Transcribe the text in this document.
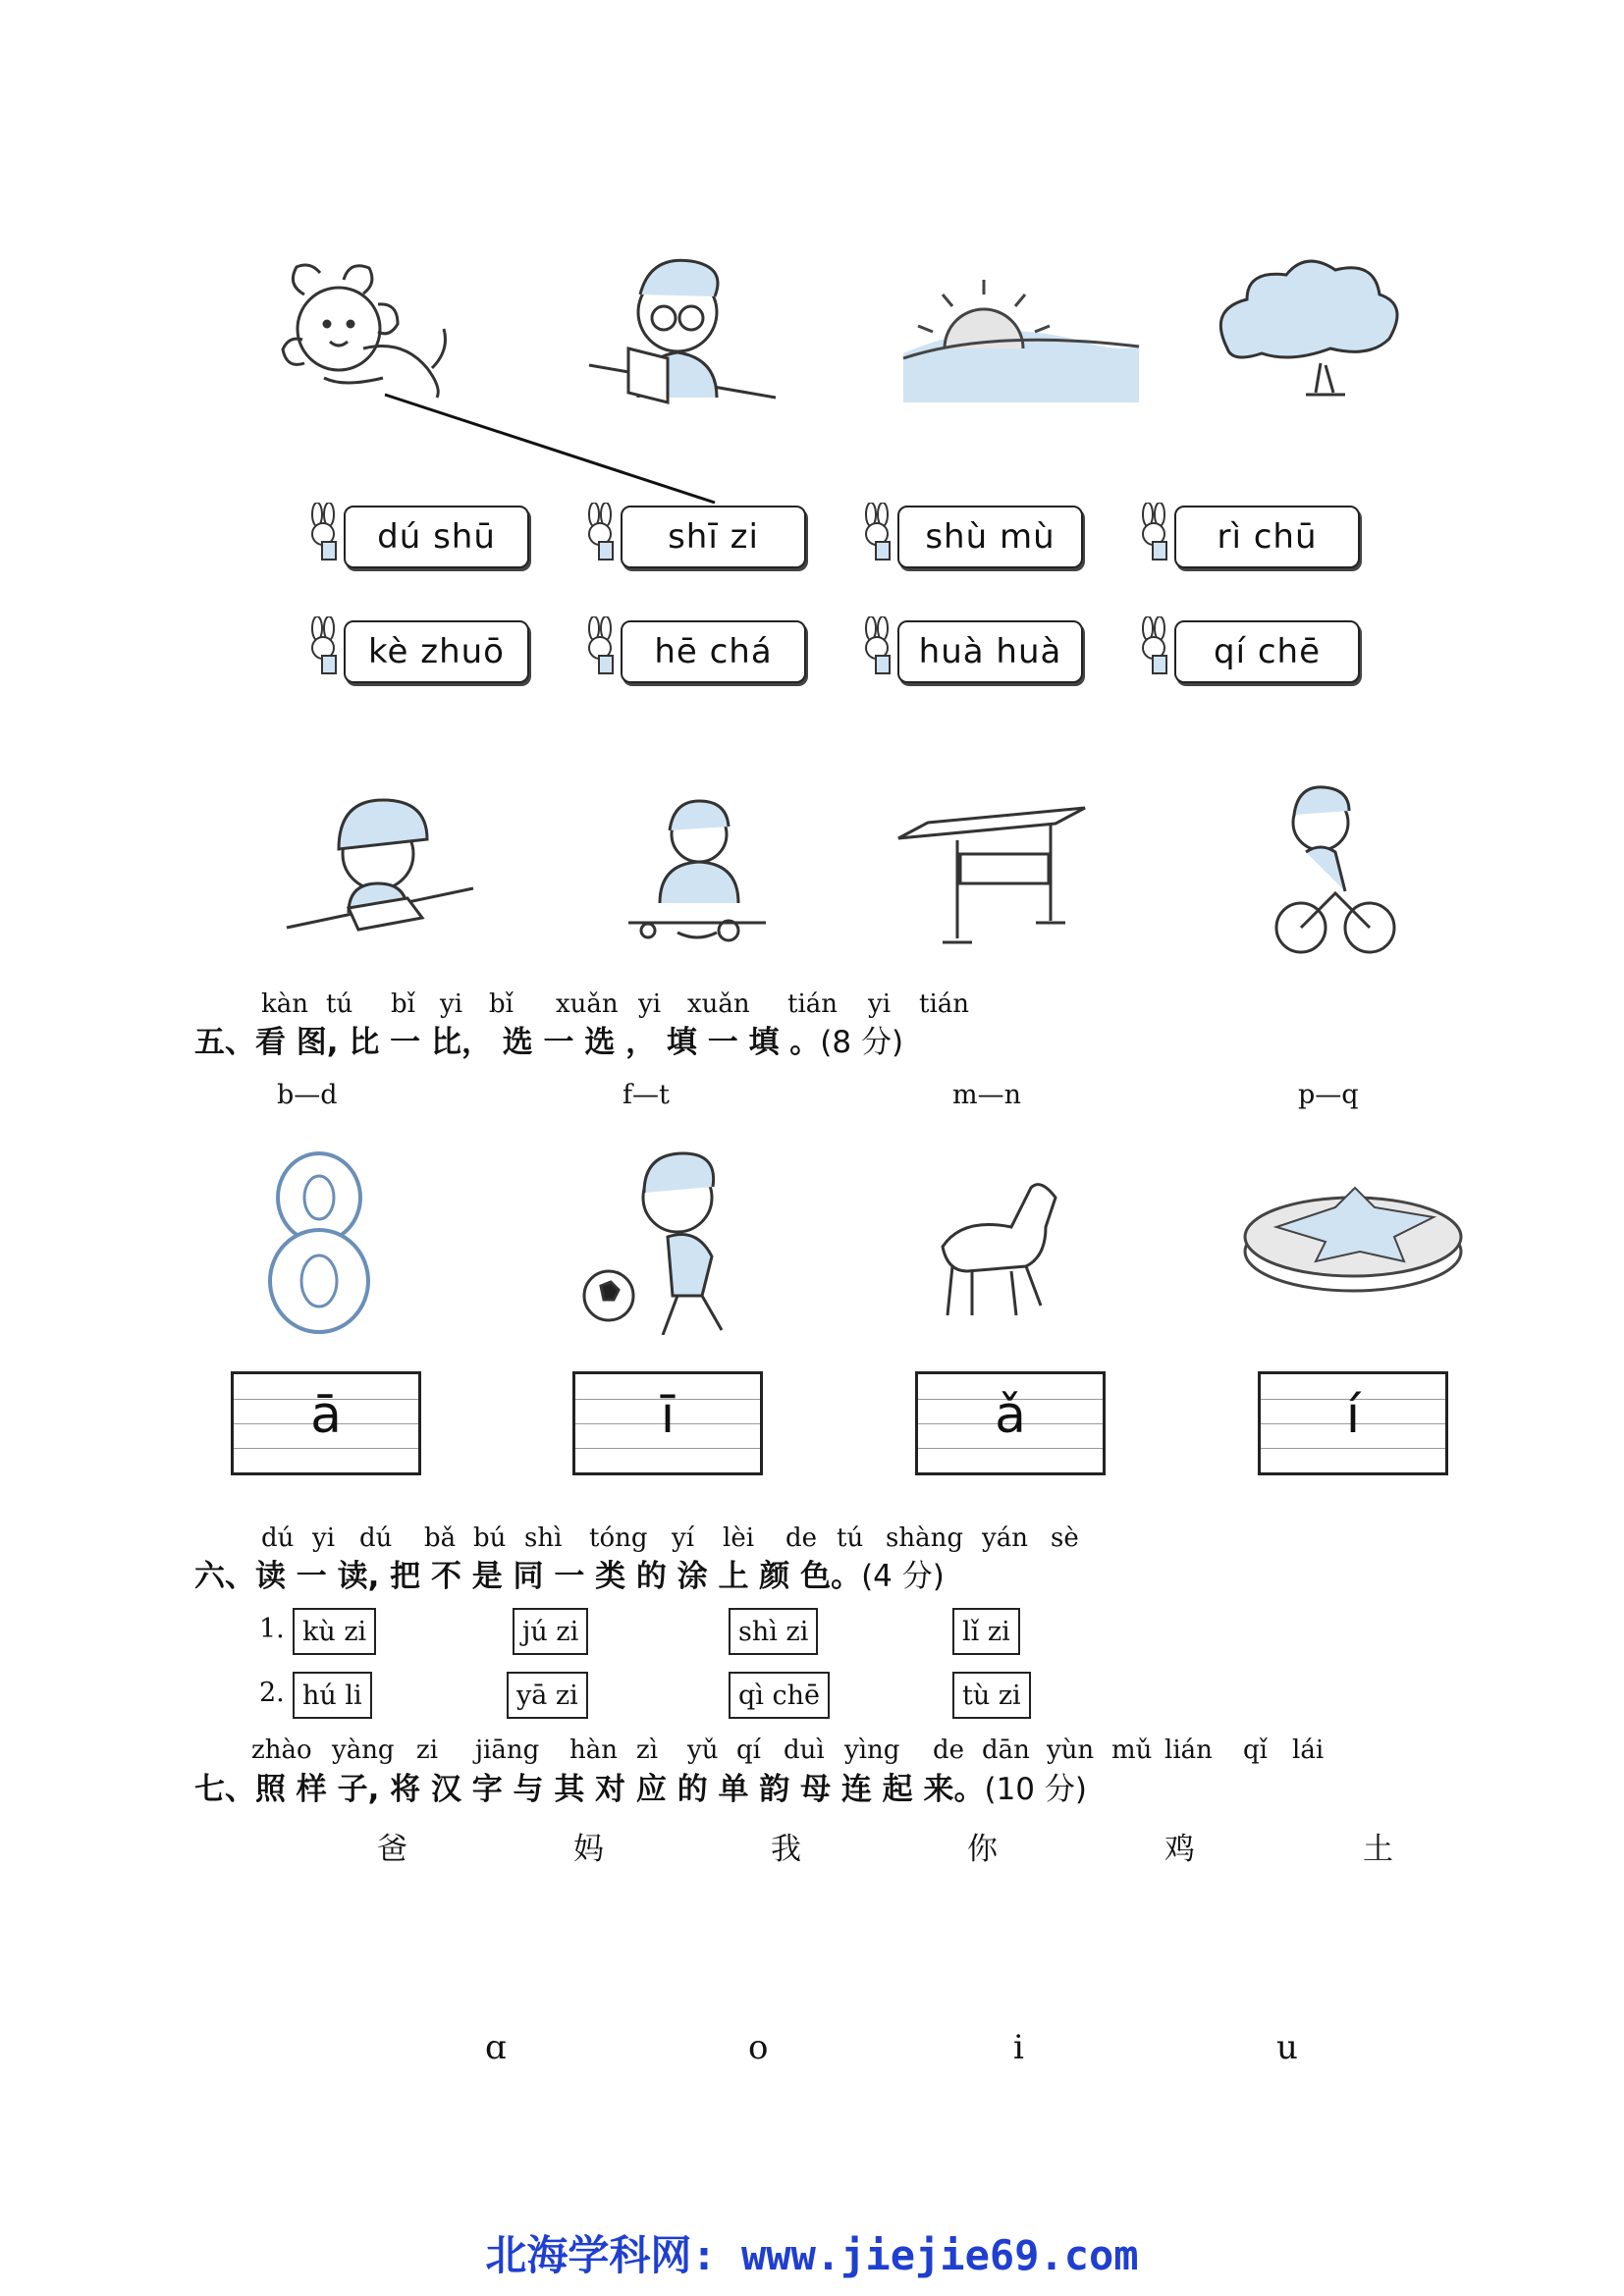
dú shū	shī zi	shù mù	rì chū
kè zhuō	hē chá	huà huà	qí chē
kàn tú bǐ yi bǐ xuǎn yi xuǎn tián yi tián
五、看 图, 比 一 比， 选 一 选 ， 填 一 填 。(8 分)
b—d	f—t	m—n	p—q
ā	ī	ǎ	í
dú yi dú bǎ bú shì tóng yí lèi de tú shàng yán sè
六、读 一 读, 把 不 是 同 一 类 的 涂 上 颜 色。(4 分)
1. kù zi	jú zi	shì zi	lǐ zi
2. hú li	yā zi	qì chē	tù zi
zhào yàng zi jiāng hàn zì yǔ qí duì yìng de dān yùn mǔ lián qǐ lái
七、照 样 子, 将 汉 字 与 其 对 应 的 单 韵 母 连 起 来。(10 分)
爸	妈	我	你	鸡	土
ɑ	o	i	u
北海学科网: www.jiejie69.com
